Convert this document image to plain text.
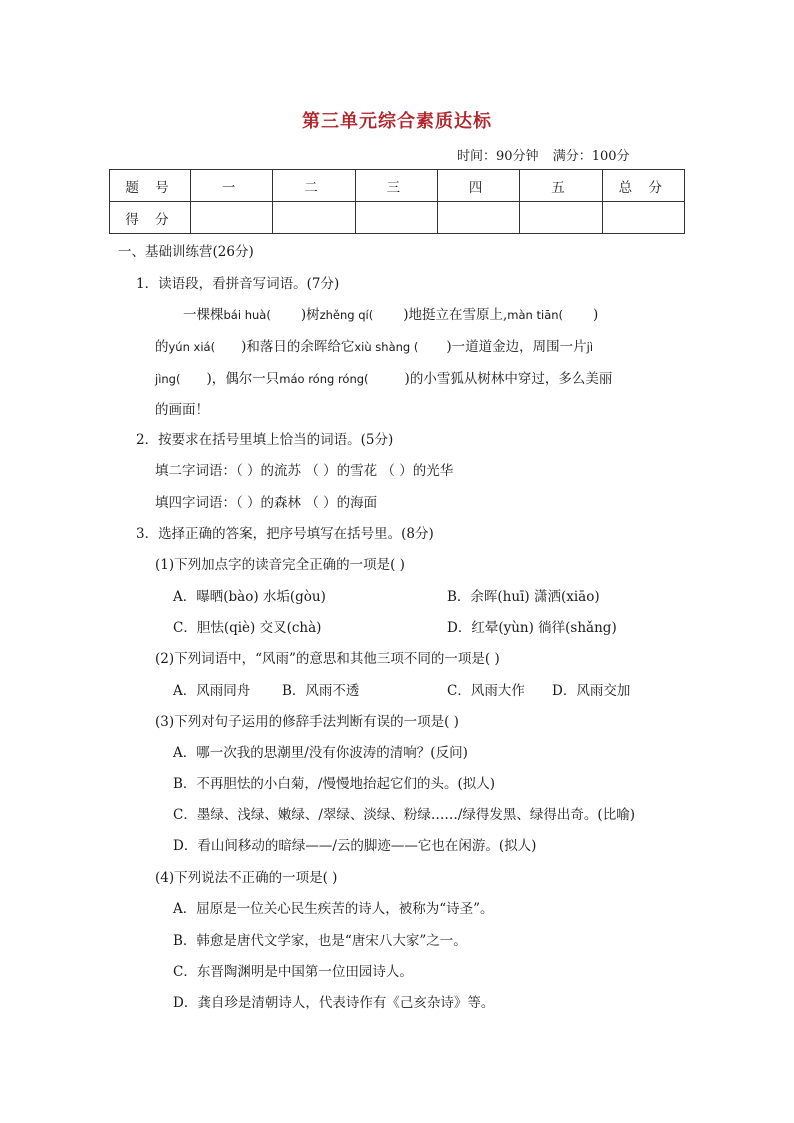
第三单元综合素质达标
时间：90分钟 满分：100分
题 号	一	二	三	四	五	总 分
得 分						
一、基础训练营(26分)
1．读语段，看拼音写词语。(7分)
一棵棵bái huà( )树zhěng qí( )地挺立在雪原上,màn tiān( )
的yún xiá( )和落日的余晖给它xiù shàng ( )一道道金边，周围一片jì
jìng( )，偶尔一只máo róng róng(	)的小雪狐从树林中穿过，多么美丽
的画面！
2．按要求在括号里填上恰当的词语。(5分)
填二字词语：（ ）的流苏 （ ）的雪花 （ ）的光华
填四字词语：（ ）的森林 （ ）的海面
3．选择正确的答案，把序号填写在括号里。(8分)
(1)下列加点字的读音完全正确的一项是( )
A．曝晒(bào) 水垢(gòu)	B．余晖(huī) 潇洒(xiāo)
C．胆怯(qiè) 交叉(chà)	D．红晕(yùn) 徜徉(shǎng)
(2)下列词语中，“风雨”的意思和其他三项不同的一项是( )
A．风雨同舟 B．风雨不透	C．风雨大作 D．风雨交加
(3)下列对句子运用的修辞手法判断有误的一项是( )
A．哪一次我的思潮里/没有你波涛的清响？(反问)
B．不再胆怯的小白菊，/慢慢地抬起它们的头。(拟人)
C．墨绿、浅绿、嫩绿、/翠绿、淡绿、粉绿……/绿得发黑、绿得出奇。(比喻)
D．看山间移动的暗绿——/云的脚迹——它也在闲游。(拟人)
(4)下列说法不正确的一项是( )
A．屈原是一位关心民生疾苦的诗人，被称为“诗圣”。
B．韩愈是唐代文学家，也是“唐宋八大家”之一。
C．东晋陶渊明是中国第一位田园诗人。
D．龚自珍是清朝诗人，代表诗作有《己亥杂诗》等。
